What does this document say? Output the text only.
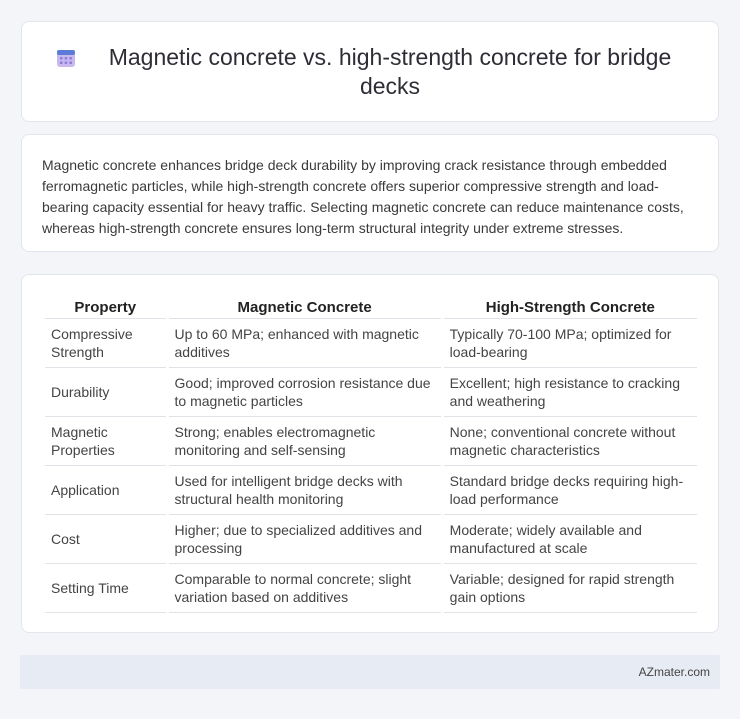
Magnetic concrete vs. high-strength concrete for bridge decks

Magnetic concrete enhances bridge deck durability by improving crack resistance through embedded ferromagnetic particles, while high-strength concrete offers superior compressive strength and load-bearing capacity essential for heavy traffic. Selecting magnetic concrete can reduce maintenance costs, whereas high-strength concrete ensures long-term structural integrity under extreme stresses.

Property	Magnetic Concrete	High-Strength Concrete
Compressive Strength	Up to 60 MPa; enhanced with magnetic additives	Typically 70-100 MPa; optimized for load-bearing
Durability	Good; improved corrosion resistance due to magnetic particles	Excellent; high resistance to cracking and weathering
Magnetic Properties	Strong; enables electromagnetic monitoring and self-sensing	None; conventional concrete without magnetic characteristics
Application	Used for intelligent bridge decks with structural health monitoring	Standard bridge decks requiring high-load performance
Cost	Higher; due to specialized additives and processing	Moderate; widely available and manufactured at scale
Setting Time	Comparable to normal concrete; slight variation based on additives	Variable; designed for rapid strength gain options
AZmater.com
